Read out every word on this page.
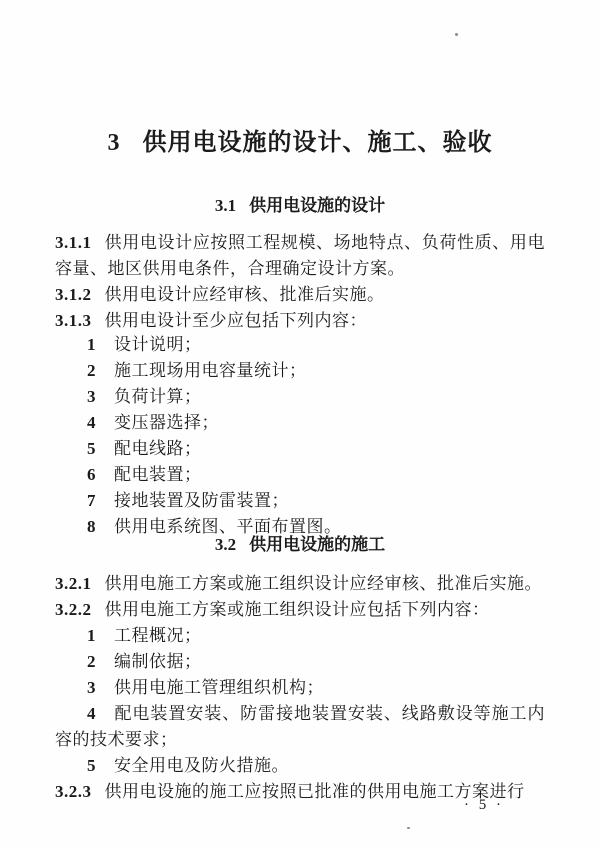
3 供用电设施的设计、施工、验收
3.1 供用电设施的设计

3.1.1 供用电设计应按照工程规模、场地特点、负荷性质、用电容量、地区供用电条件，合理确定设计方案。

3.1.2 供用电设计应经审核、批准后实施。

3.1.3 供用电设计至少应包括下列内容：

1 设计说明；

2 施工现场用电容量统计；

3 负荷计算；

4 变压器选择；

5 配电线路；

6 配电装置；

7 接地装置及防雷装置；

8 供用电系统图、平面布置图。

3.2 供用电设施的施工

3.2.1 供用电施工方案或施工组织设计应经审核、批准后实施。

3.2.2 供用电施工方案或施工组织设计应包括下列内容：

1 工程概况；

2 编制依据；

3 供用电施工管理组织机构；

4 配电装置安装、防雷接地装置安装、线路敷设等施工内容的技术要求；

5 安全用电及防火措施。

3.2.3 供用电设施的施工应按照已批准的供用电施工方案进行

· 5 ·
